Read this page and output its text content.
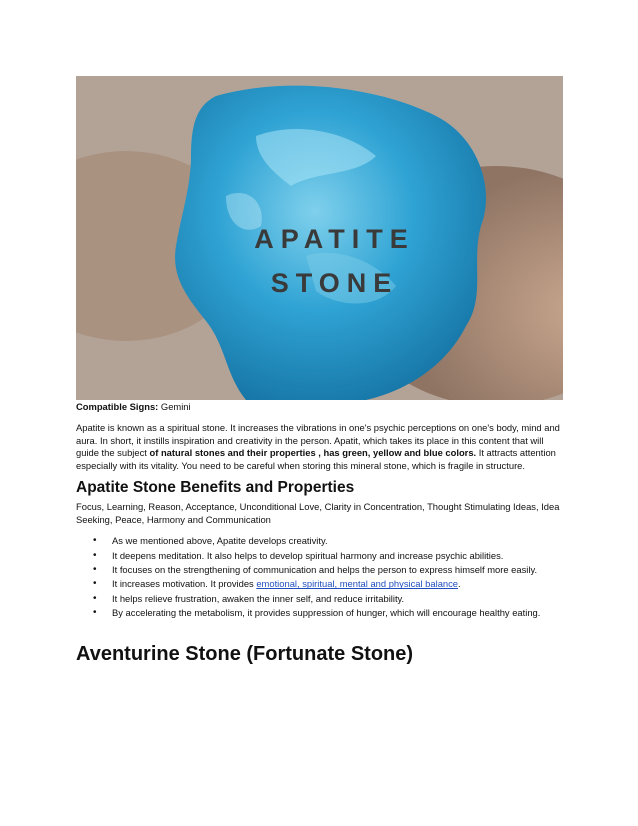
APATITE
STONE

Compatible Signs: Gemini

Apatite is known as a spiritual stone. It increases the vibrations in one's psychic perceptions on one's body, mind and aura. In short, it instills inspiration and creativity in the person. Apatit, which takes its place in this content that will guide the subject of natural stones and their properties , has green, yellow and blue colors. It attracts attention especially with its vitality. You need to be careful when storing this mineral stone, which is fragile in structure.

Apatite Stone Benefits and Properties

Focus, Learning, Reason, Acceptance, Unconditional Love, Clarity in Concentration, Thought Stimulating Ideas, Idea Seeking, Peace, Harmony and Communication

• As we mentioned above, Apatite develops creativity.
• It deepens meditation. It also helps to develop spiritual harmony and increase psychic abilities.
• It focuses on the strengthening of communication and helps the person to express himself more easily.
• It increases motivation. It provides emotional, spiritual, mental and physical balance.
• It helps relieve frustration, awaken the inner self, and reduce irritability.
• By accelerating the metabolism, it provides suppression of hunger, which will encourage healthy eating.
Aventurine Stone (Fortunate Stone)
